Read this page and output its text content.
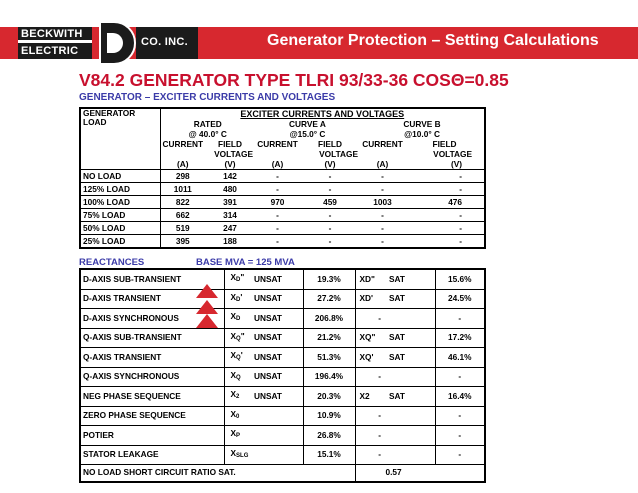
BECKWITH
ELECTRIC
CO. INC.	Generator Protection – Setting Calculations
V84.2 GENERATOR TYPE TLRI 93/33-36 COSΘ=0.85
GENERATOR – EXCITER CURRENTS AND VOLTAGES
GENERATOR LOAD	EXCITER CURRENTS AND VOLTAGES					
	RATED		CURVE A		CURVE B	
	@ 40.0° C		@15.0° C		@10.0° C	
	CURRENT	FIELD	CURRENT	FIELD	CURRENT	FIELD
		VOLTAGE		VOLTAGE		VOLTAGE
	(A)	(V)	(A)	(V)	(A)	(V)
NO LOAD	298	142	-	-	-	-
125% LOAD	1011	480	-	-	-	-
100% LOAD	822	391	970	459	1003	476
75% LOAD	662	314	-	-	-	-
50% LOAD	519	247	-	-	-	-
25% LOAD	395	188	-	-	-	-
REACTANCES	BASE MVA = 125 MVA
D-AXIS SUB-TRANSIENT	$X_D$"	UNSAT	19.3%	XD"	SAT	15.6%
D-AXIS TRANSIENT	$X_D'$	UNSAT	27.2%	XD'	SAT	24.5%
D-AXIS SYNCHRONOUS	$X_D$	UNSAT	206.8%	-		-
Q-AXIS SUB-TRANSIENT	$X_Q$"	UNSAT	21.2%	XQ"	SAT	17.2%
Q-AXIS TRANSIENT	$X_Q'$	UNSAT	51.3%	XQ'	SAT	46.1%
Q-AXIS SYNCHRONOUS	$X_Q$	UNSAT	196.4%	-		-
NEG PHASE SEQUENCE	$X_2$	UNSAT	20.3%	X2	SAT	16.4%
ZERO PHASE SEQUENCE	$X_0$		10.9%	-		-
POTIER	$X_P$		26.8%	-		-
STATOR LEAKAGE	$X_{SLG}$		15.1%	-		-
NO LOAD SHORT CIRCUIT RATIO SAT.				0.57		
